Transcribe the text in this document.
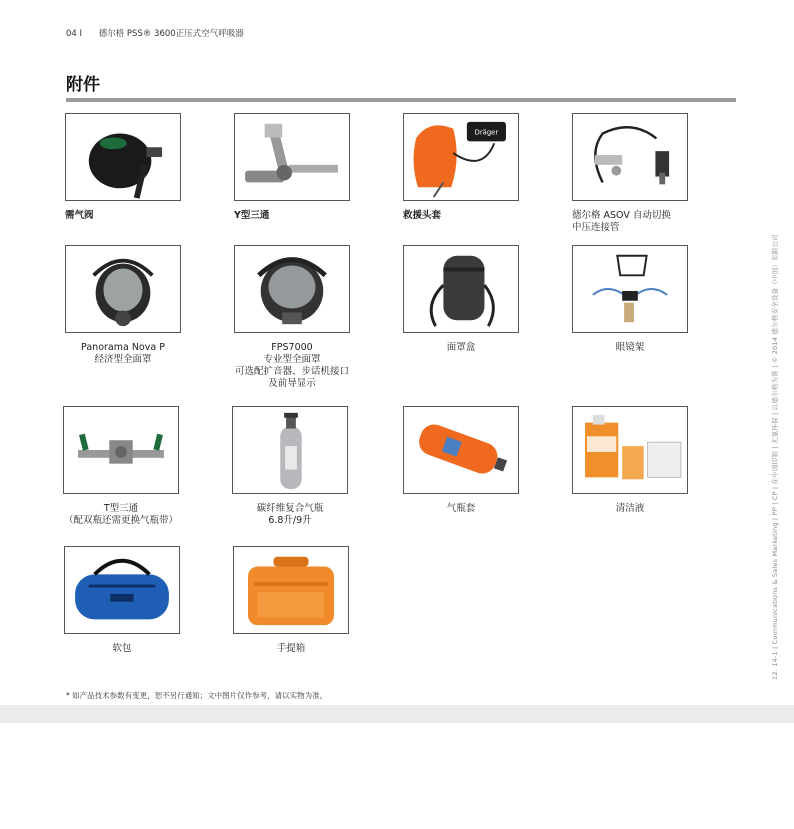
04 I 德尔格 PSS® 3600正压式空气呼吸器
附件
需气阀	Y型三通
Dräger
救援头套	德尔格 ASOV 自动切换
中压连接管
Panorama Nova P
经济型全面罩
FPS7000
专业型全面罩
可选配扩音器、步话机接口
及前导显示
面罩盒	眼镜架
T型三通
（配双瓶还需更换气瓶带）
碳纤维复合气瓶
6.8升/9升
气瓶套	清洁液
软包	手提箱
* 如产品技术参数有变更，恕不另行通知；文中图片仅作参考，请以实物为准。
12. 14-1 | Communications & Sales Marketing | PP | CP | 在中国印制 | 无氯环保 | 以德尔格为准 | © 2014 德尔格安全设备（中国）有限公司
